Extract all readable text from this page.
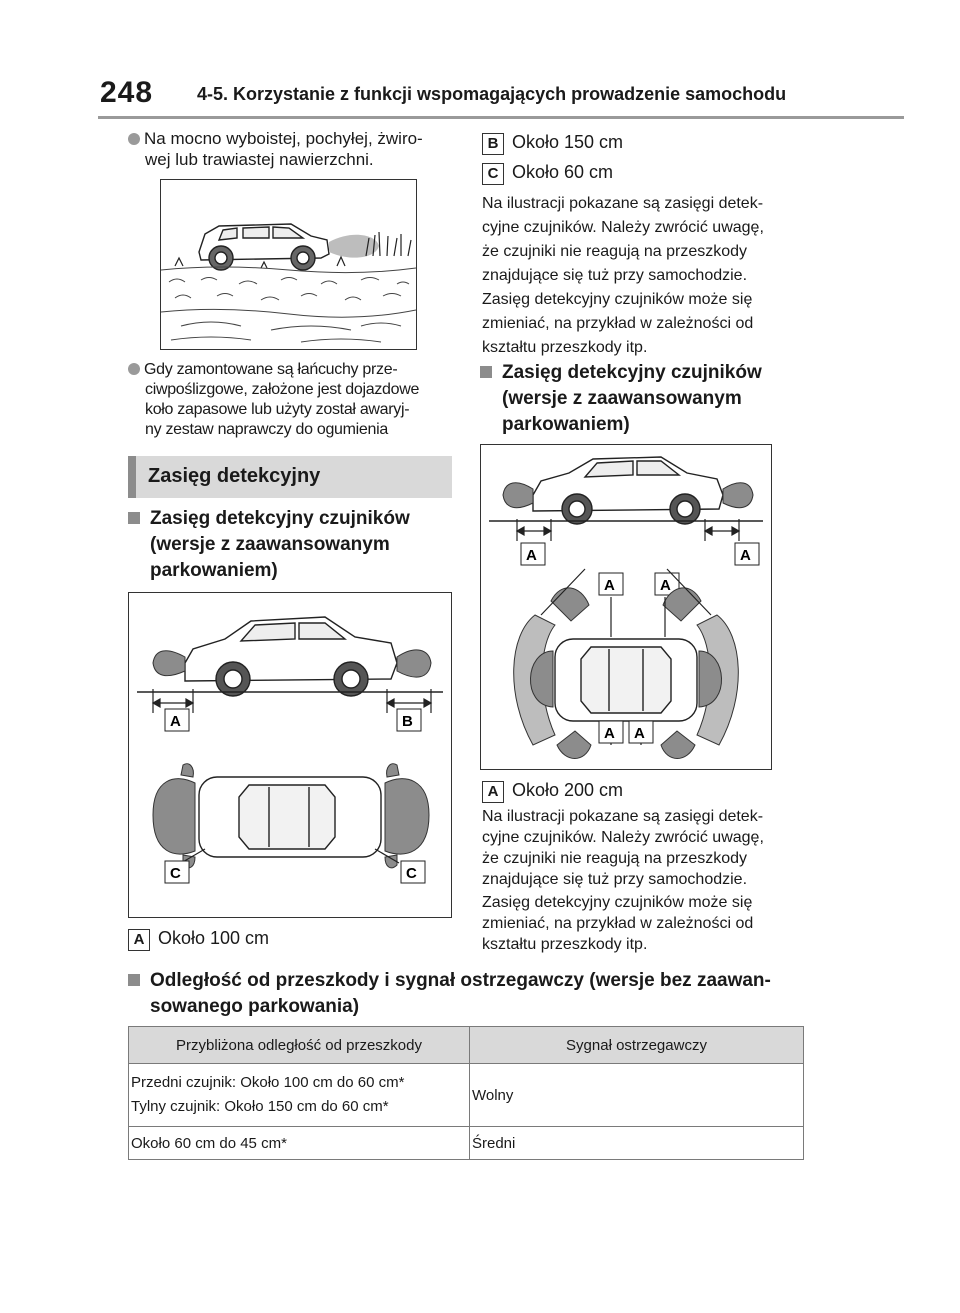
248 4-5. Korzystanie z funkcji wspomagających prowadzenie samochodu
Na mocno wyboistej, pochyłej, żwiro-
wej lub trawiastej nawierzchni.
Gdy zamontowane są łańcuchy prze-
ciwpoślizgowe, założone jest dojazdowe
koło zapasowe lub użyty został awaryj-
ny zestaw naprawczy do ogumienia
Zasięg detekcyjny
Zasięg detekcyjny czujników
(wersje z zaawansowanym
parkowaniem)
A	B
C	C
A Około 100 cm
B Około 150 cm
C Około 60 cm
Na ilustracji pokazane są zasięgi detek-
cyjne czujników. Należy zwrócić uwagę,
że czujniki nie reagują na przeszkody
znajdujące się tuż przy samochodzie.
Zasięg detekcyjny czujników może się
zmieniać, na przykład w zależności od
kształtu przeszkody itp.
Zasięg detekcyjny czujników
(wersje z zaawansowanym
parkowaniem)
A	A
A	A
A A
A Około 200 cm
Na ilustracji pokazane są zasięgi detek-
cyjne czujników. Należy zwrócić uwagę,
że czujniki nie reagują na przeszkody
znajdujące się tuż przy samochodzie.
Zasięg detekcyjny czujników może się
zmieniać, na przykład w zależności od
kształtu przeszkody itp.
Odległość od przeszkody i sygnał ostrzegawczy (wersje bez zaawan-
sowanego parkowania)
Przybliżona odległość od przeszkody	Sygnał ostrzegawczy

Przedni czujnik: Około 100 cm do 60 cm*
Tylny czujnik: Około 150 cm do 60 cm*	Wolny
Około 60 cm do 45 cm*	Średni
